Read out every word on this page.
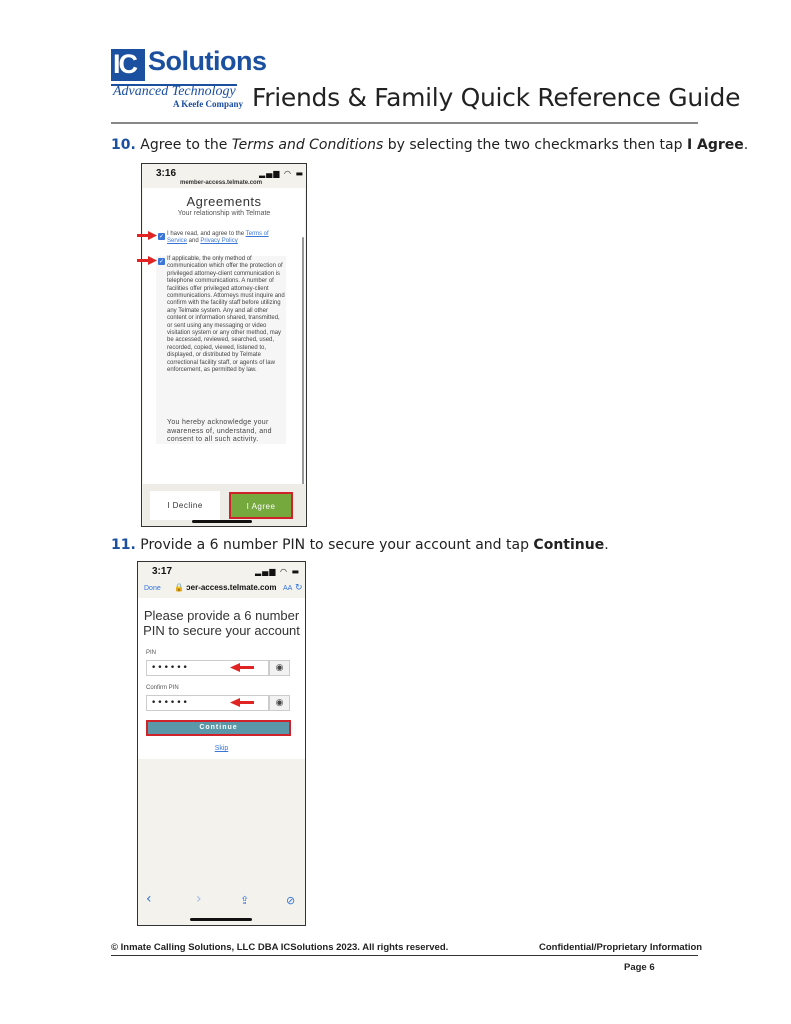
IC Solutions
Advanced Technology
A Keefe Company Friends & Family Quick Reference Guide
10. Agree to the Terms and Conditions by selecting the two checkmarks then tap I Agree.
3:16	▂▄▆ ◠ ▬
member-access.telmate.com
Agreements
Your relationship with Telmate
✓ I have read, and agree to the Terms of Service and Privacy Policy
✓ If applicable, the only method of communication which offer the protection of privileged attorney-client communication is telephone communications. A number of facilities offer privileged attorney-client communications. Attorneys must inquire and confirm with the facility staff before utilizing any Telmate system. Any and all other content or information shared, transmitted, or sent using any messaging or video visitation system or any other method, may be accessed, reviewed, searched, used, recorded, copied, viewed, listened to, displayed, or distributed by Telmate correctional facility staff, or agents of law enforcement, as permitted by law.
You hereby acknowledge your awareness of, understand, and consent to all such activity.
I Decline	I Agree
11. Provide a 6 number PIN to secure your account and tap Continue.
3:17	▂▄▆ ◠ ▬
Done 🔒 ɔer-access.telmate.com AA ↻
Please provide a 6 number
PIN to secure your account
PIN
••••••	◉
Confirm PIN
••••••	◉
Continue
Skip
‹	›	⇪	⊘
© Inmate Calling Solutions, LLC DBA ICSolutions 2023. All rights reserved.	Confidential/Proprietary Information
Page 6
